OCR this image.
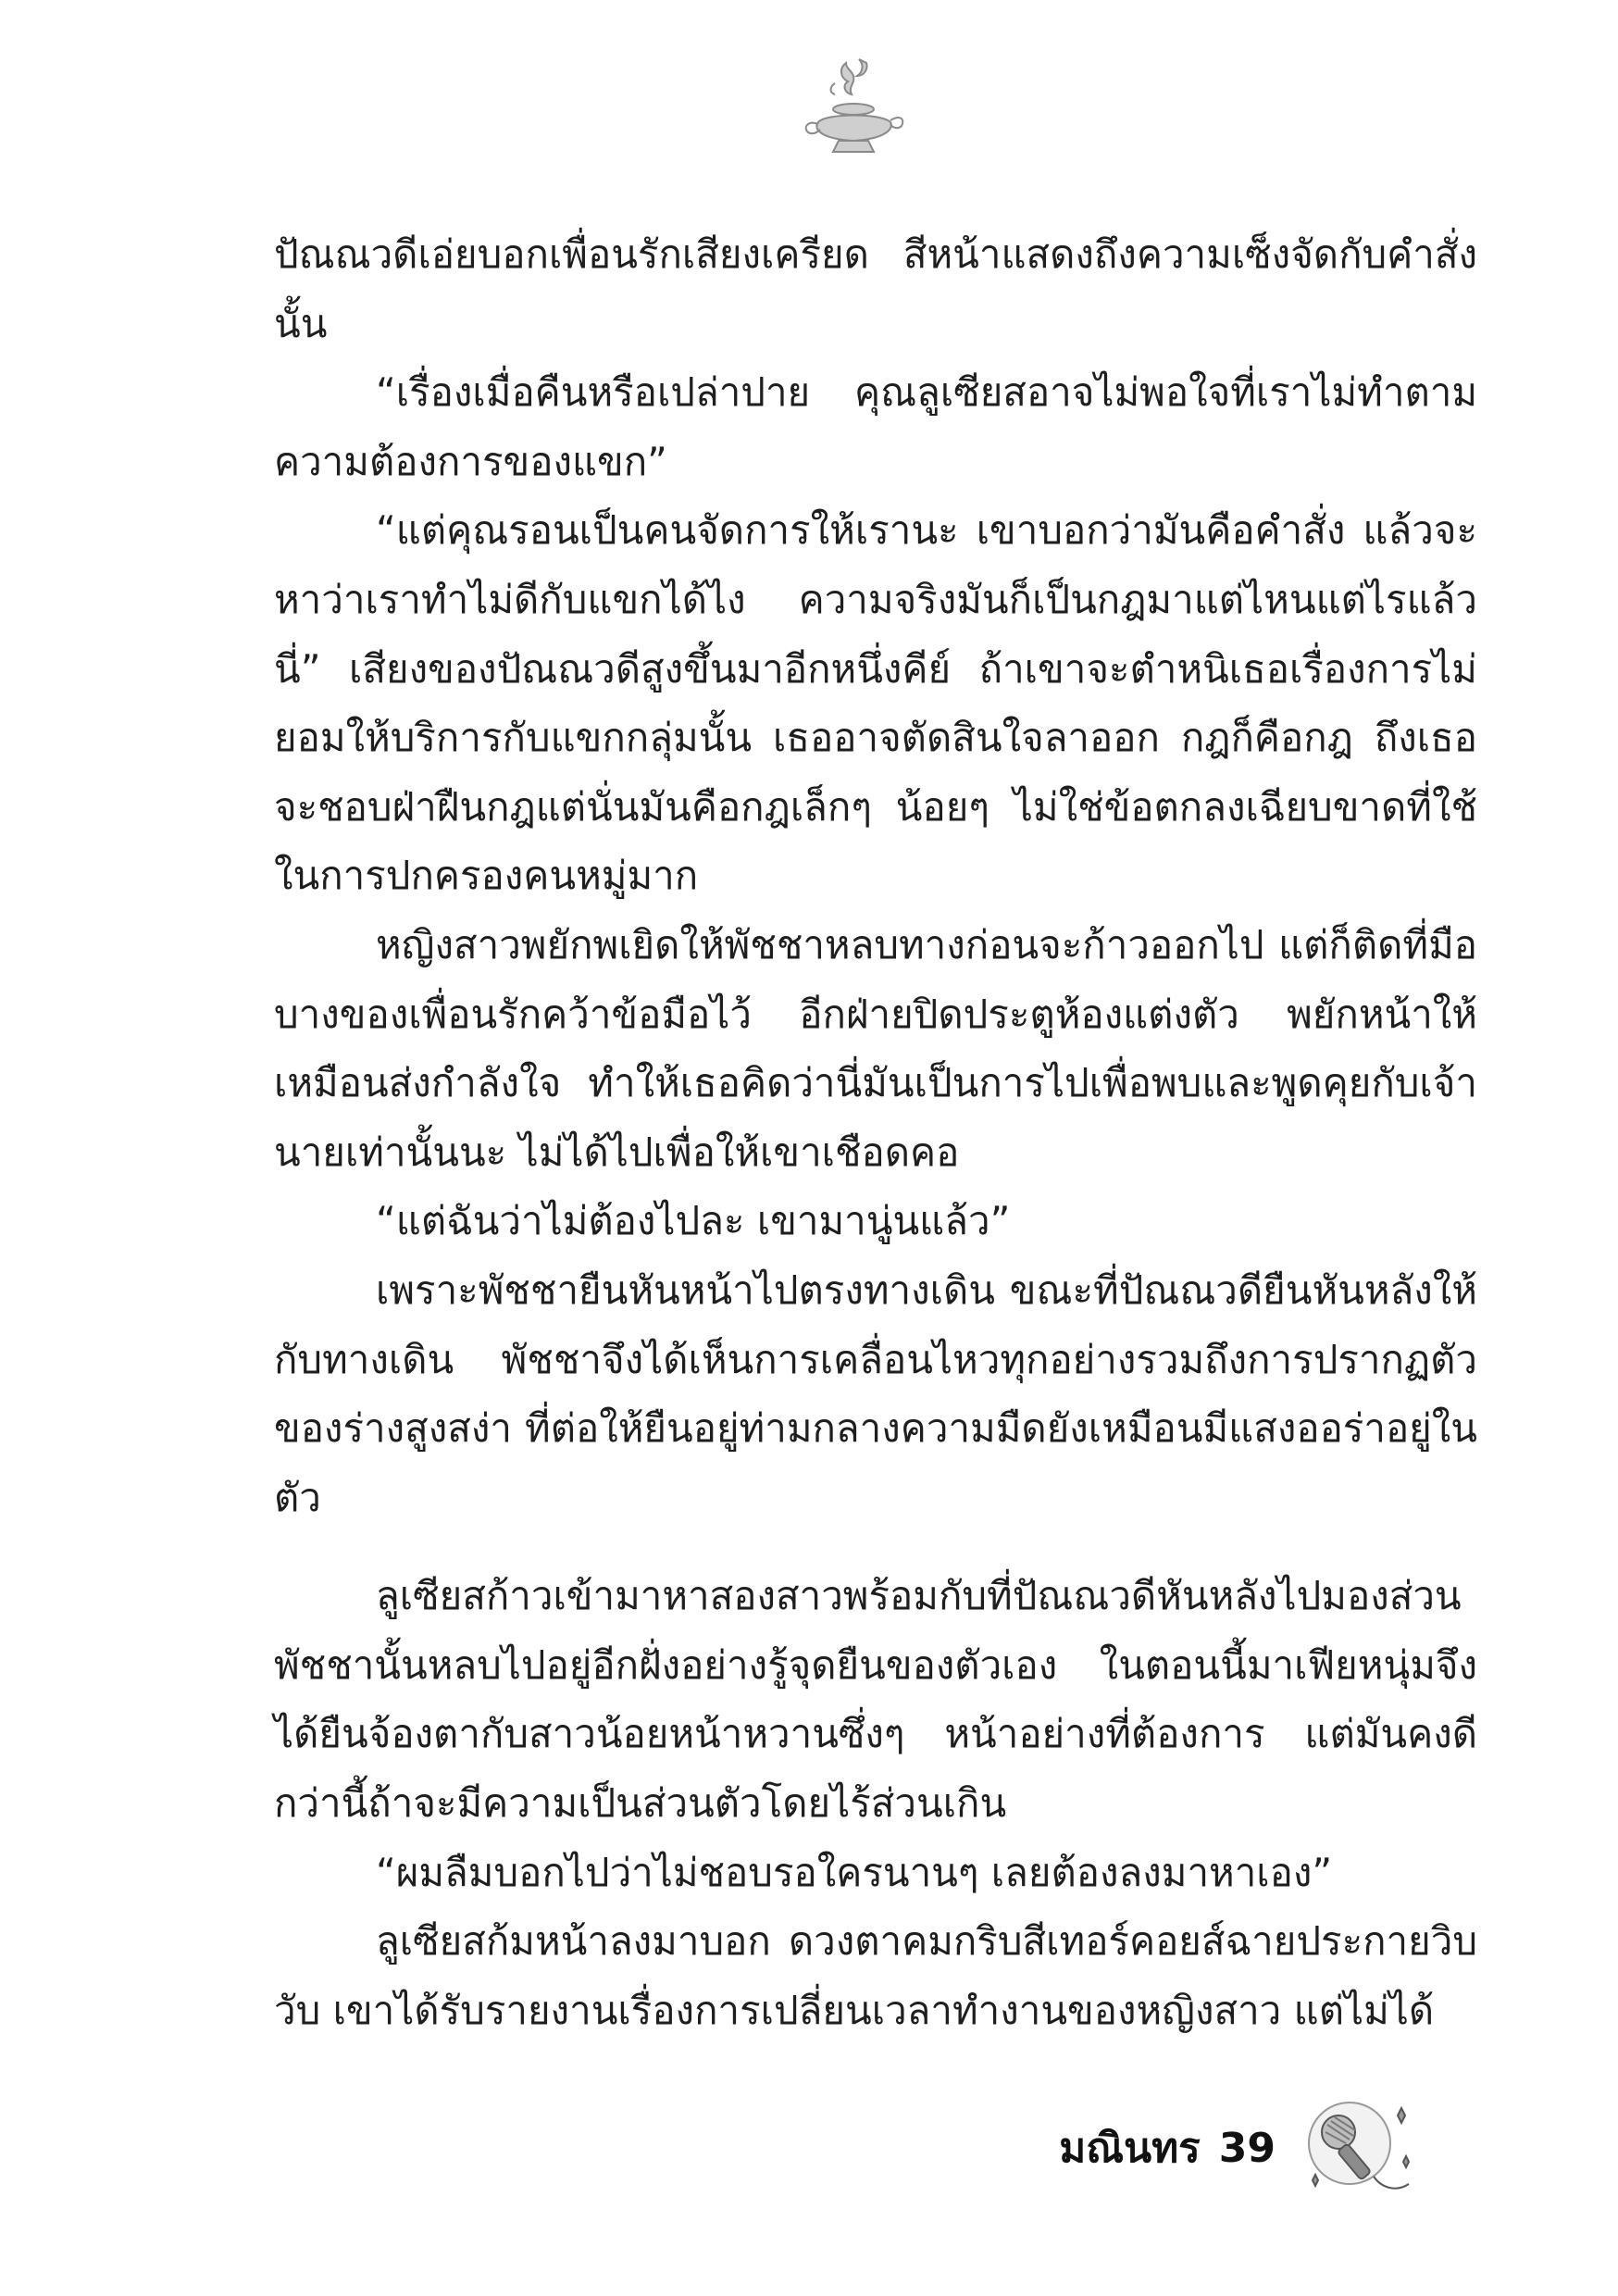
ปัณณวดีเอ่ยบอกเพื่อนรักเสียงเครียด สีหน้าแสดงถึงความเซ็งจัดกับคำสั่งนั้น

“เรื่องเมื่อคืนหรือเปล่าปาย คุณลูเซียสอาจไม่พอใจที่เราไม่ทำตามความต้องการของแขก”

“แต่คุณรอนเป็นคนจัดการให้เรานะ เขาบอกว่ามันคือคำสั่ง แล้วจะหาว่าเราทำไม่ดีกับแขกได้ไง ความจริงมันก็เป็นกฎมาแต่ไหนแต่ไรแล้วนี่” เสียงของปัณณวดีสูงขึ้นมาอีกหนึ่งคีย์ ถ้าเขาจะตำหนิเธอเรื่องการไม่ยอมให้บริการกับแขกกลุ่มนั้น เธออาจตัดสินใจลาออก กฎก็คือกฎ ถึงเธอจะชอบฝ่าฝืนกฎแต่นั่นมันคือกฎเล็กๆ น้อยๆ ไม่ใช่ข้อตกลงเฉียบขาดที่ใช้ในการปกครองคนหมู่มาก

หญิงสาวพยักพเยิดให้พัชชาหลบทางก่อนจะก้าวออกไป แต่ก็ติดที่มือบางของเพื่อนรักคว้าข้อมือไว้ อีกฝ่ายปิดประตูห้องแต่งตัว พยักหน้าให้เหมือนส่งกำลังใจ ทำให้เธอคิดว่านี่มันเป็นการไปเพื่อพบและพูดคุยกับเจ้านายเท่านั้นนะ ไม่ได้ไปเพื่อให้เขาเชือดคอ

“แต่ฉันว่าไม่ต้องไปละ เขามานู่นแล้ว”

เพราะพัชชายืนหันหน้าไปตรงทางเดิน ขณะที่ปัณณวดียืนหันหลังให้กับทางเดิน พัชชาจึงได้เห็นการเคลื่อนไหวทุกอย่างรวมถึงการปรากฏตัวของร่างสูงสง่า ที่ต่อให้ยืนอยู่ท่ามกลางความมืดยังเหมือนมีแสงออร่าอยู่ในตัว

ลูเซียสก้าวเข้ามาหาสองสาวพร้อมกับที่ปัณณวดีหันหลังไปมองส่วนพัชชานั้นหลบไปอยู่อีกฝั่งอย่างรู้จุดยืนของตัวเอง ในตอนนี้มาเฟียหนุ่มจึงได้ยืนจ้องตากับสาวน้อยหน้าหวานซึ่งๆ หน้าอย่างที่ต้องการ แต่มันคงดีกว่านี้ถ้าจะมีความเป็นส่วนตัวโดยไร้ส่วนเกิน

“ผมลืมบอกไปว่าไม่ชอบรอใครนานๆ เลยต้องลงมาหาเอง”

ลูเซียสก้มหน้าลงมาบอก ดวงตาคมกริบสีเทอร์คอยส์ฉายประกายวิบวับ เขาได้รับรายงานเรื่องการเปลี่ยนเวลาทำงานของหญิงสาว แต่ไม่ได้

มณินทร 39
